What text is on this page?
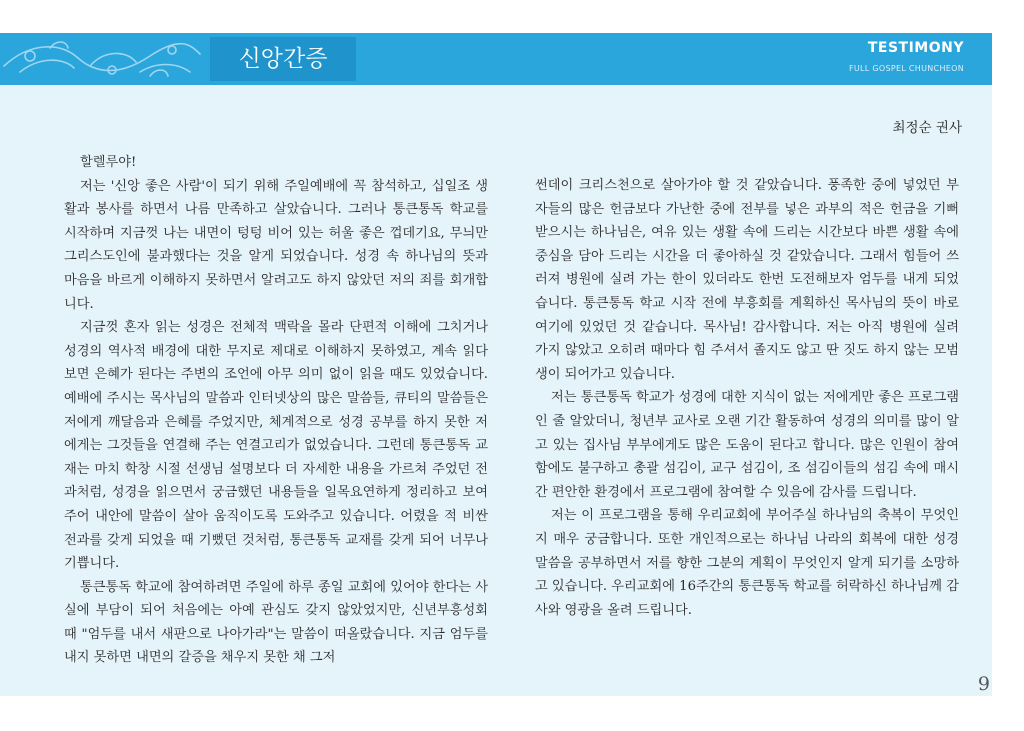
신앙간증	TESTIMONY
FULL GOSPEL CHUNCHEON
최정순 권사

할렐루야!

저는 '신앙 좋은 사람'이 되기 위해 주일예배에 꼭 참석하고, 십일조 생활과 봉사를 하면서 나름 만족하고 살았습니다. 그러나 통큰통독 학교를 시작하며 지금껏 나는 내면이 텅텅 비어 있는 허울 좋은 껍데기요, 무늬만 그리스도인에 불과했다는 것을 알게 되었습니다. 성경 속 하나님의 뜻과 마음을 바르게 이해하지 못하면서 알려고도 하지 않았던 저의 죄를 회개합니다.

지금껏 혼자 읽는 성경은 전체적 맥락을 몰라 단편적 이해에 그치거나 성경의 역사적 배경에 대한 무지로 제대로 이해하지 못하였고, 계속 읽다 보면 은혜가 된다는 주변의 조언에 아무 의미 없이 읽을 때도 있었습니다. 예배에 주시는 목사님의 말씀과 인터넷상의 많은 말씀들, 큐티의 말씀들은 저에게 깨달음과 은혜를 주었지만, 체계적으로 성경 공부를 하지 못한 저에게는 그것들을 연결해 주는 연결고리가 없었습니다. 그런데 통큰통독 교재는 마치 학창 시절 선생님 설명보다 더 자세한 내용을 가르쳐 주었던 전과처럼, 성경을 읽으면서 궁금했던 내용들을 일목요연하게 정리하고 보여주어 내안에 말씀이 살아 움직이도록 도와주고 있습니다. 어렸을 적 비싼 전과를 갖게 되었을 때 기뻤던 것처럼, 통큰통독 교재를 갖게 되어 너무나 기쁩니다.

통큰통독 학교에 참여하려면 주일에 하루 종일 교회에 있어야 한다는 사실에 부담이 되어 처음에는 아예 관심도 갖지 않았었지만, 신년부흥성회 때 "엄두를 내서 새판으로 나아가라"는 말씀이 떠올랐습니다. 지금 엄두를 내지 못하면 내면의 갈증을 채우지 못한 채 그저

썬데이 크리스천으로 살아가야 할 것 같았습니다. 풍족한 중에 넣었던 부자들의 많은 헌금보다 가난한 중에 전부를 넣은 과부의 적은 헌금을 기뻐 받으시는 하나님은, 여유 있는 생활 속에 드리는 시간보다 바쁜 생활 속에 중심을 담아 드리는 시간을 더 좋아하실 것 같았습니다. 그래서 힘들어 쓰러져 병원에 실려 가는 한이 있더라도 한번 도전해보자 엄두를 내게 되었습니다. 통큰통독 학교 시작 전에 부흥회를 계획하신 목사님의 뜻이 바로 여기에 있었던 것 같습니다. 목사님! 감사합니다. 저는 아직 병원에 실려 가지 않았고 오히려 때마다 힘 주셔서 졸지도 않고 딴 짓도 하지 않는 모범생이 되어가고 있습니다.

저는 통큰통독 학교가 성경에 대한 지식이 없는 저에게만 좋은 프로그램인 줄 알았더니, 청년부 교사로 오랜 기간 활동하여 성경의 의미를 많이 알고 있는 집사님 부부에게도 많은 도움이 된다고 합니다. 많은 인원이 참여함에도 불구하고 총괄 섬김이, 교구 섬김이, 조 섬김이들의 섬김 속에 매시간 편안한 환경에서 프로그램에 참여할 수 있음에 감사를 드립니다.

저는 이 프로그램을 통해 우리교회에 부어주실 하나님의 축복이 무엇인지 매우 궁금합니다. 또한 개인적으로는 하나님 나라의 회복에 대한 성경 말씀을 공부하면서 저를 향한 그분의 계획이 무엇인지 알게 되기를 소망하고 있습니다. 우리교회에 16주간의 통큰통독 학교를 허락하신 하나님께 감사와 영광을 올려 드립니다.

9
